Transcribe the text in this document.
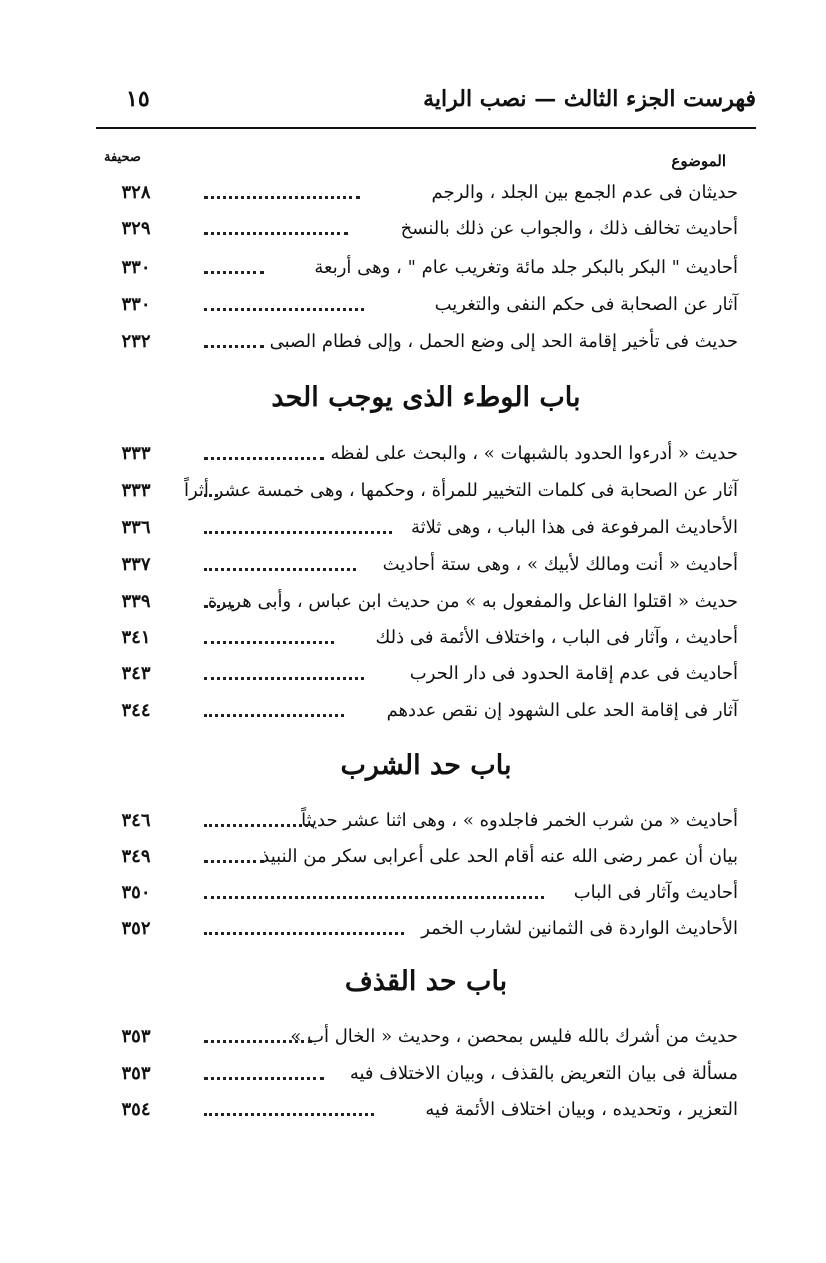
فهرست الجزء الثالث — نصب الراية
١٥
الموضوع
صحيفة
حديثان فى عدم الجمع بين الجلد ، والرجم
٣٢٨
أحاديث تخالف ذلك ، والجواب عن ذلك بالنسخ
٣٢٩
أحاديث " البكر بالبكر جلد مائة وتغريب عام " ، وهى أربعة
٣٣٠
آثار عن الصحابة فى حكم النفى والتغريب
٣٣٠
حديث فى تأخير إقامة الحد إلى وضع الحمل ، وإلى فطام الصبى
٢٣٢
باب الوطء الذى يوجب الحد
حديث « أدرءوا الحدود بالشبهات » ، والبحث على لفظه
٣٣٣
آثار عن الصحابة فى كلمات التخيير للمرأة ، وحكمها ، وهى خمسة عشر أثراً
٣٣٣
الأحاديث المرفوعة فى هذا الباب ، وهى ثلاثة
٣٣٦
أحاديث « أنت ومالك لأبيك » ، وهى ستة أحاديث
٣٣٧
حديث « اقتلوا الفاعل والمفعول به » من حديث ابن عباس ، وأبى هريرة
٣٣٩
أحاديث ، وآثار فى الباب ، واختلاف الأئمة فى ذلك
٣٤١
أحاديث فى عدم إقامة الحدود فى دار الحرب
٣٤٣
آثار فى إقامة الحد على الشهود إن نقص عددهم
٣٤٤
باب حد الشرب
أحاديث « من شرب الخمر فاجلدوه » ، وهى اثنا عشر حديثاً
٣٤٦
بيان أن عمر رضى الله عنه أقام الحد على أعرابى سكر من النبيذ
٣٤٩
أحاديث وآثار فى الباب
٣٥٠
الأحاديث الواردة فى الثمانين لشارب الخمر
٣٥٢
باب حد القذف
حديث من أشرك بالله فليس بمحصن ، وحديث « الخال أب »
٣٥٣
مسألة فى بيان التعريض بالقذف ، وبيان الاختلاف فيه
٣٥٣
التعزير ، وتحديده ، وبيان اختلاف الأئمة فيه
٣٥٤
